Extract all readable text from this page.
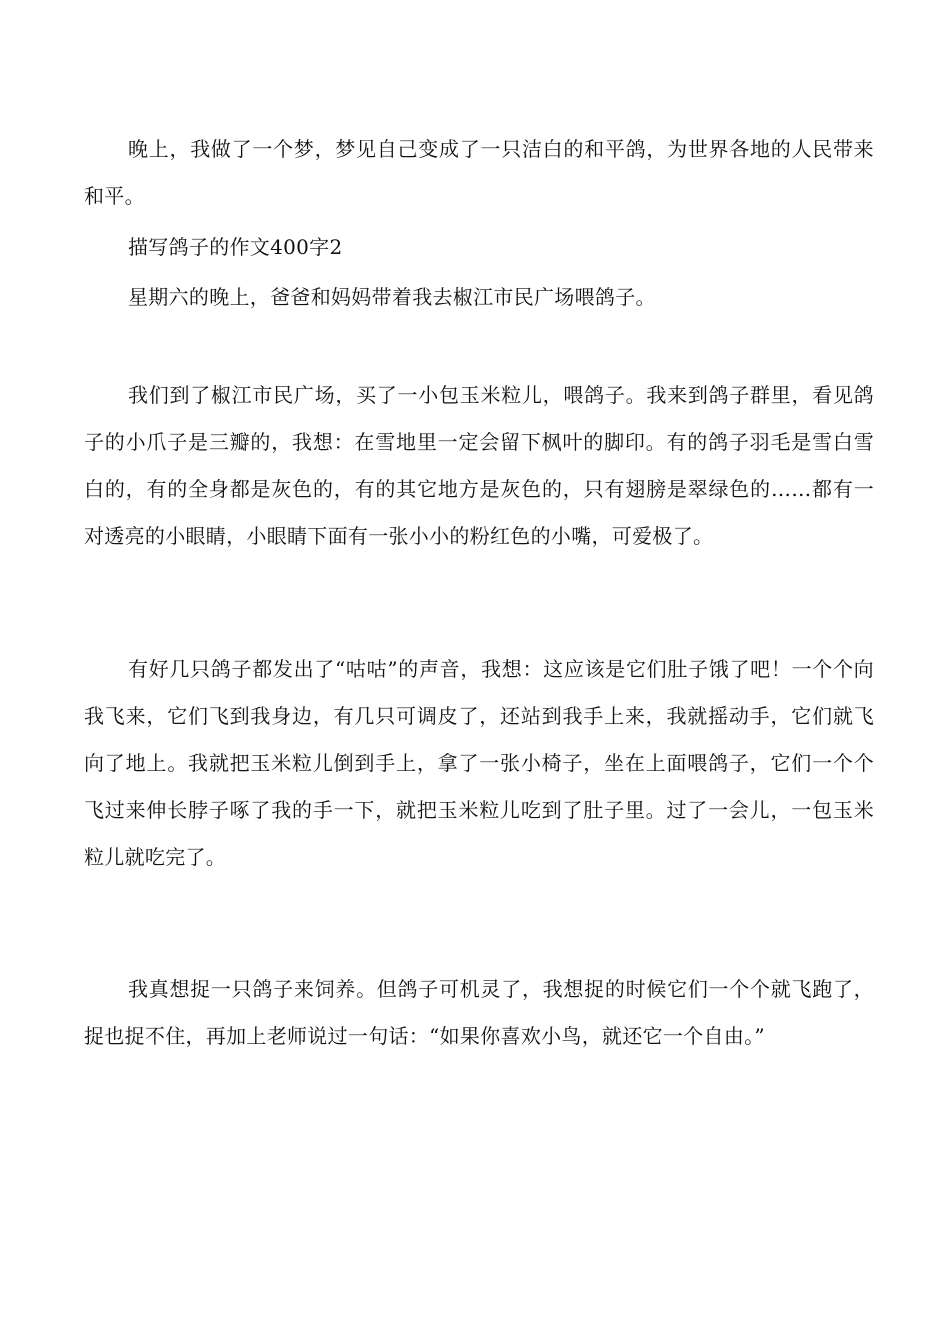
晚上，我做了一个梦，梦见自己变成了一只洁白的和平鸽，为世界各地的人民带来和平。

描写鸽子的作文400字2

星期六的晚上，爸爸和妈妈带着我去椒江市民广场喂鸽子。

我们到了椒江市民广场，买了一小包玉米粒儿，喂鸽子。我来到鸽子群里，看见鸽子的小爪子是三瓣的，我想：在雪地里一定会留下枫叶的脚印。有的鸽子羽毛是雪白雪白的，有的全身都是灰色的，有的其它地方是灰色的，只有翅膀是翠绿色的……都有一对透亮的小眼睛，小眼睛下面有一张小小的粉红色的小嘴，可爱极了。

有好几只鸽子都发出了“咕咕”的声音，我想：这应该是它们肚子饿了吧！一个个向我飞来，它们飞到我身边，有几只可调皮了，还站到我手上来，我就摇动手，它们就飞向了地上。我就把玉米粒儿倒到手上，拿了一张小椅子，坐在上面喂鸽子，它们一个个飞过来伸长脖子啄了我的手一下，就把玉米粒儿吃到了肚子里。过了一会儿，一包玉米粒儿就吃完了。

我真想捉一只鸽子来饲养。但鸽子可机灵了，我想捉的时候它们一个个就飞跑了，捉也捉不住，再加上老师说过一句话：“如果你喜欢小鸟，就还它一个自由。”
